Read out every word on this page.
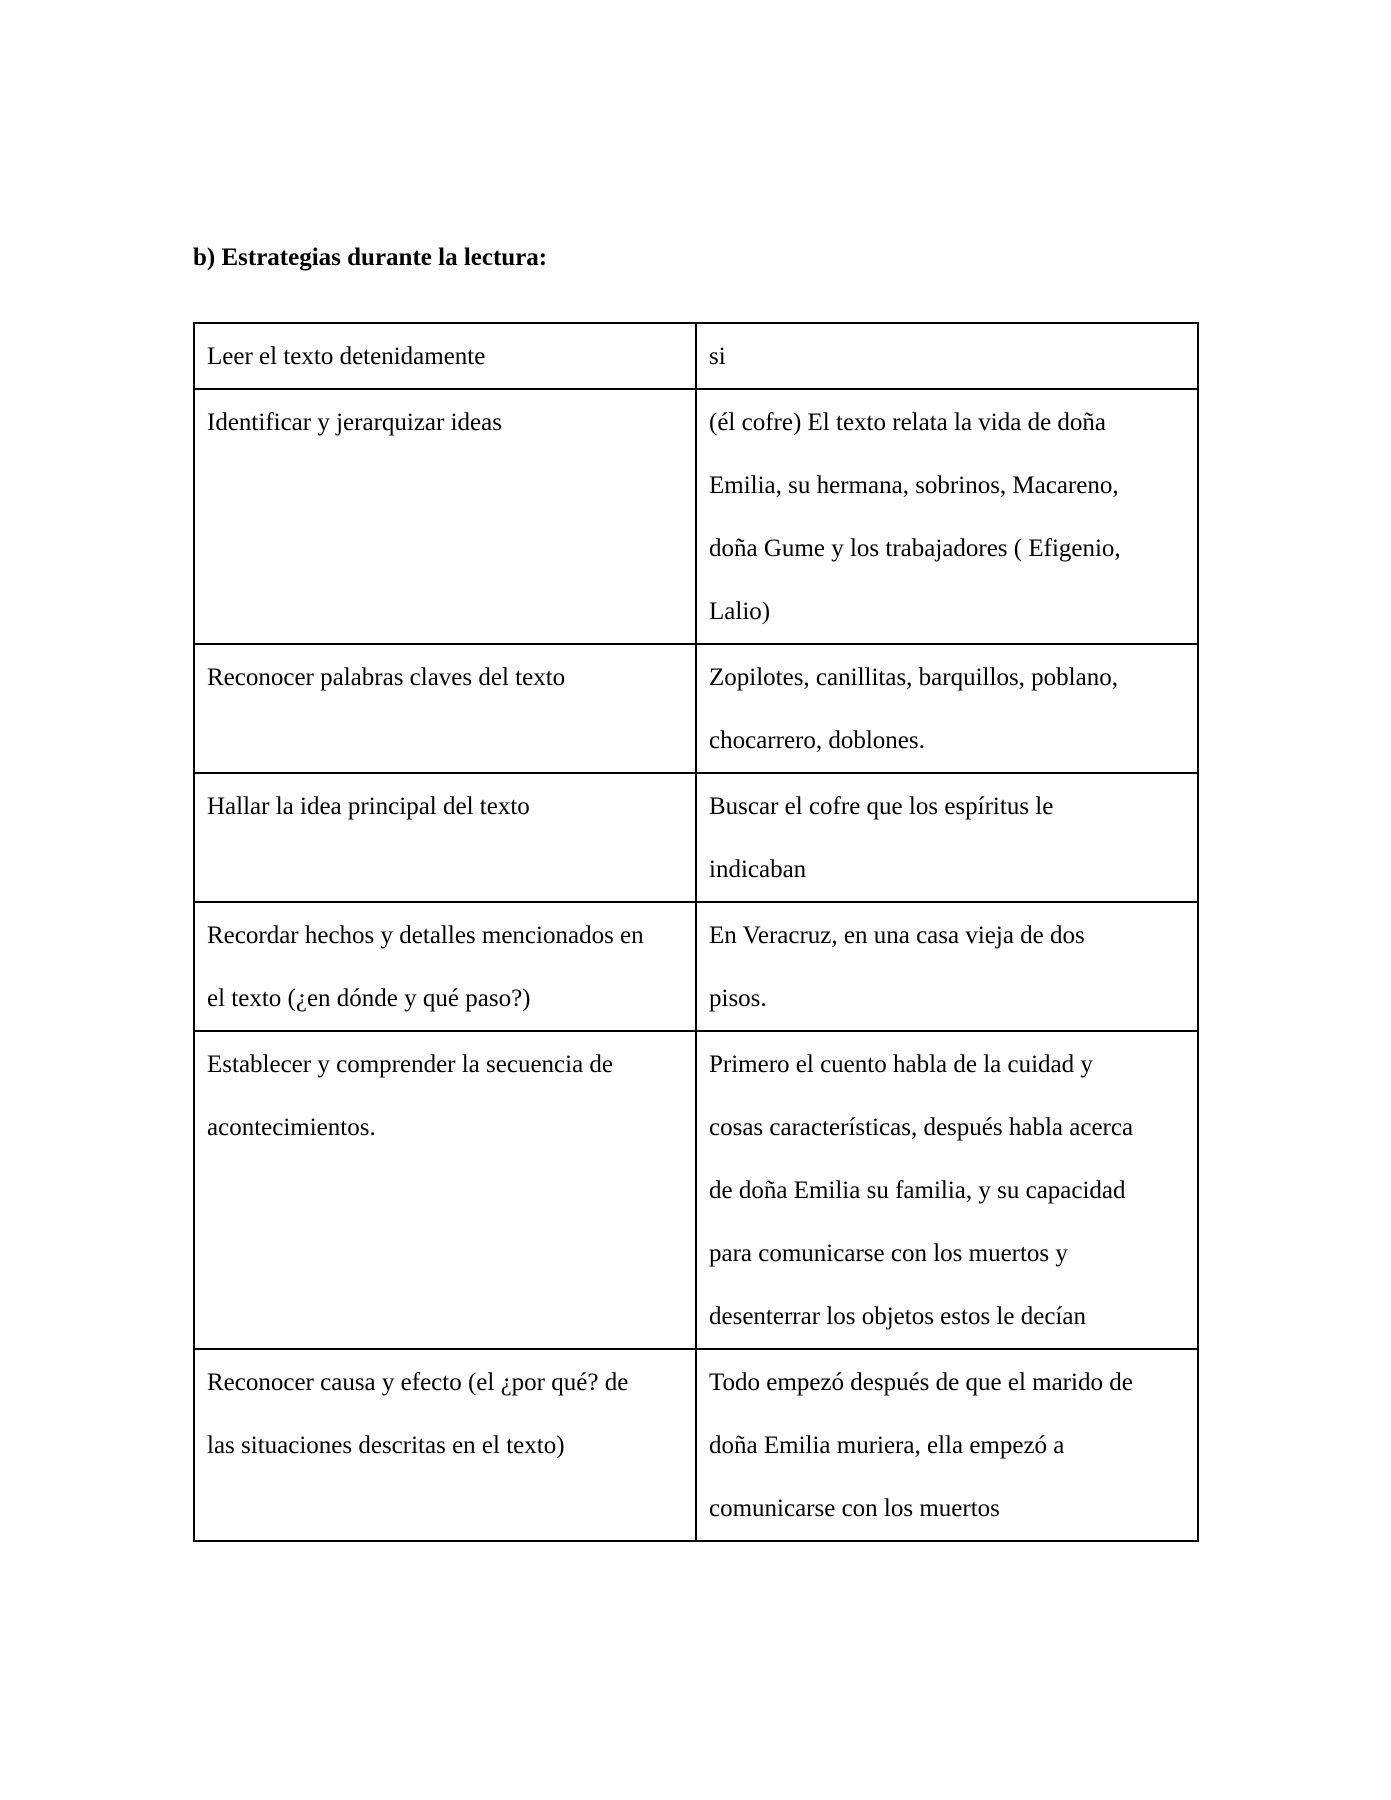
b) Estrategias durante la lectura:
Leer el texto detenidamente	si

Identificar y jerarquizar ideas	(él cofre) El texto relata la vida de doña
Emilia, su hermana, sobrinos, Macareno,
doña Gume y los trabajadores ( Efigenio,
Lalio)

Reconocer palabras claves del texto	Zopilotes, canillitas, barquillos, poblano,
chocarrero, doblones.

Hallar la idea principal del texto	Buscar el cofre que los espíritus le
indicaban

Recordar hechos y detalles mencionados en
el texto (¿en dónde y qué paso?)	En Veracruz, en una casa vieja de dos
pisos.

Establecer y comprender la secuencia de
acontecimientos.	Primero el cuento habla de la cuidad y
cosas características, después habla acerca
de doña Emilia su familia, y su capacidad
para comunicarse con los muertos y
desenterrar los objetos estos le decían

Reconocer causa y efecto (el ¿por qué? de
las situaciones descritas en el texto)	Todo empezó después de que el marido de
doña Emilia muriera, ella empezó a
comunicarse con los muertos
